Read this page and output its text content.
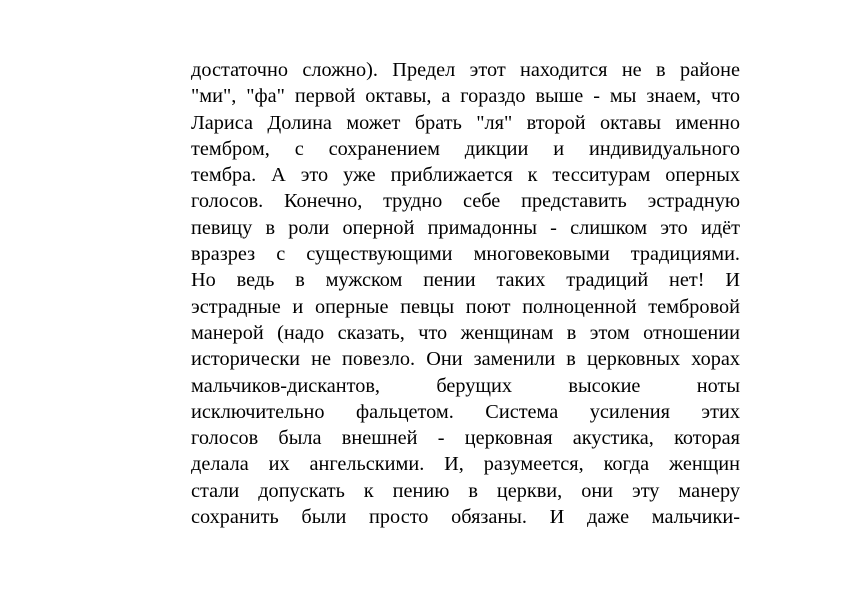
достаточно сложно). Предел этот находится не в районе
"ми", "фа" первой октавы, а гораздо выше - мы знаем, что
Лариса Долина может брать "ля" второй октавы именно
тембром, с сохранением дикции и индивидуального
тембра. А это уже приближается к тесситурам оперных
голосов. Конечно, трудно себе представить эстрадную
певицу в роли оперной примадонны - слишком это идёт
вразрез с существующими многовековыми традициями.
Но ведь в мужском пении таких традиций нет! И
эстрадные и оперные певцы поют полноценной тембровой
манерой (надо сказать, что женщинам в этом отношении
исторически не повезло. Они заменили в церковных хорах
мальчиков-дискантов, берущих высокие ноты
исключительно фальцетом. Система усиления этих
голосов была внешней - церковная акустика, которая
делала их ангельскими. И, разумеется, когда женщин
стали допускать к пению в церкви, они эту манеру
сохранить были просто обязаны. И даже мальчики-
